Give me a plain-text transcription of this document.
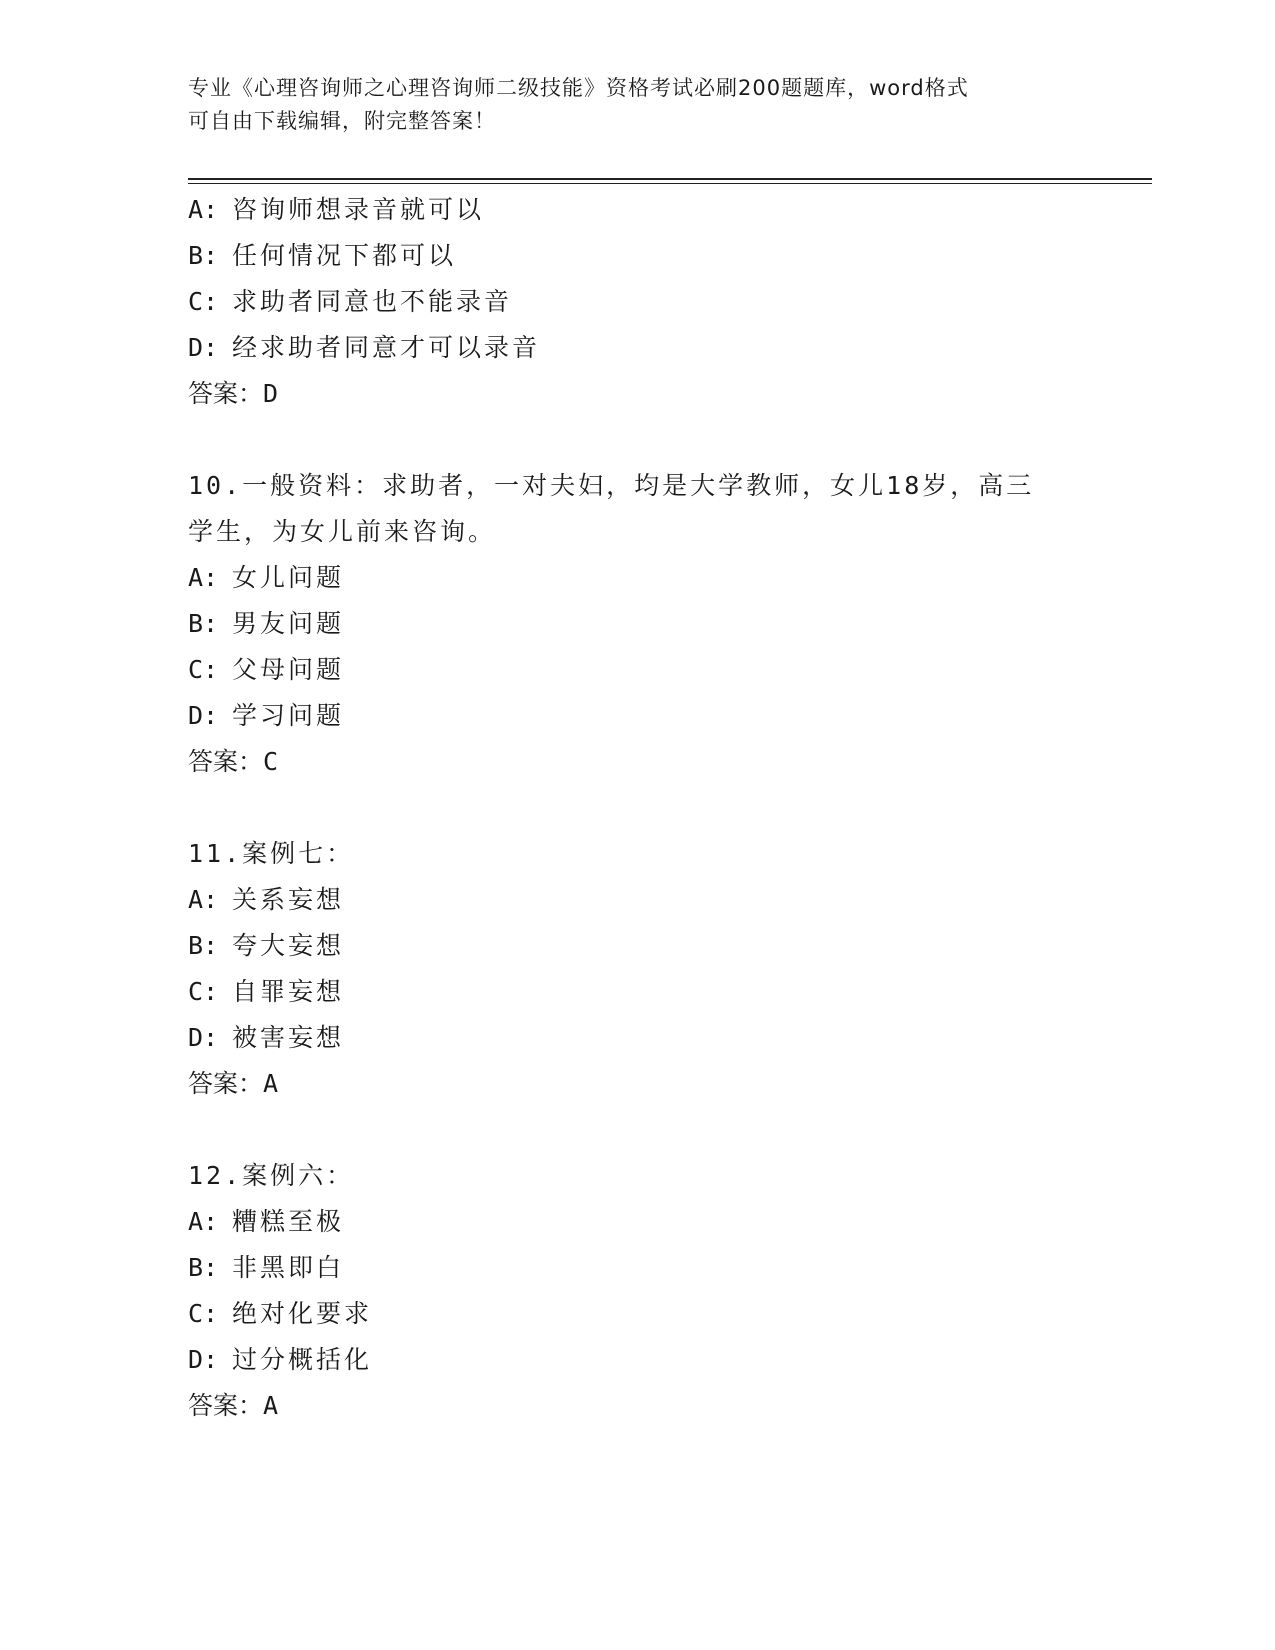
专业《心理咨询师之心理咨询师二级技能》资格考试必刷200题题库，word格式
可自由下载编辑，附完整答案！
A: 咨询师想录音就可以
B: 任何情况下都可以
C: 求助者同意也不能录音
D: 经求助者同意才可以录音
答案：D
10.一般资料：求助者，一对夫妇，均是大学教师，女儿18岁，高三
学生，为女儿前来咨询。
A: 女儿问题
B: 男友问题
C: 父母问题
D: 学习问题
答案：C
11.案例七：
A: 关系妄想
B: 夸大妄想
C: 自罪妄想
D: 被害妄想
答案：A
12.案例六：
A: 糟糕至极
B: 非黑即白
C: 绝对化要求
D: 过分概括化
答案：A
